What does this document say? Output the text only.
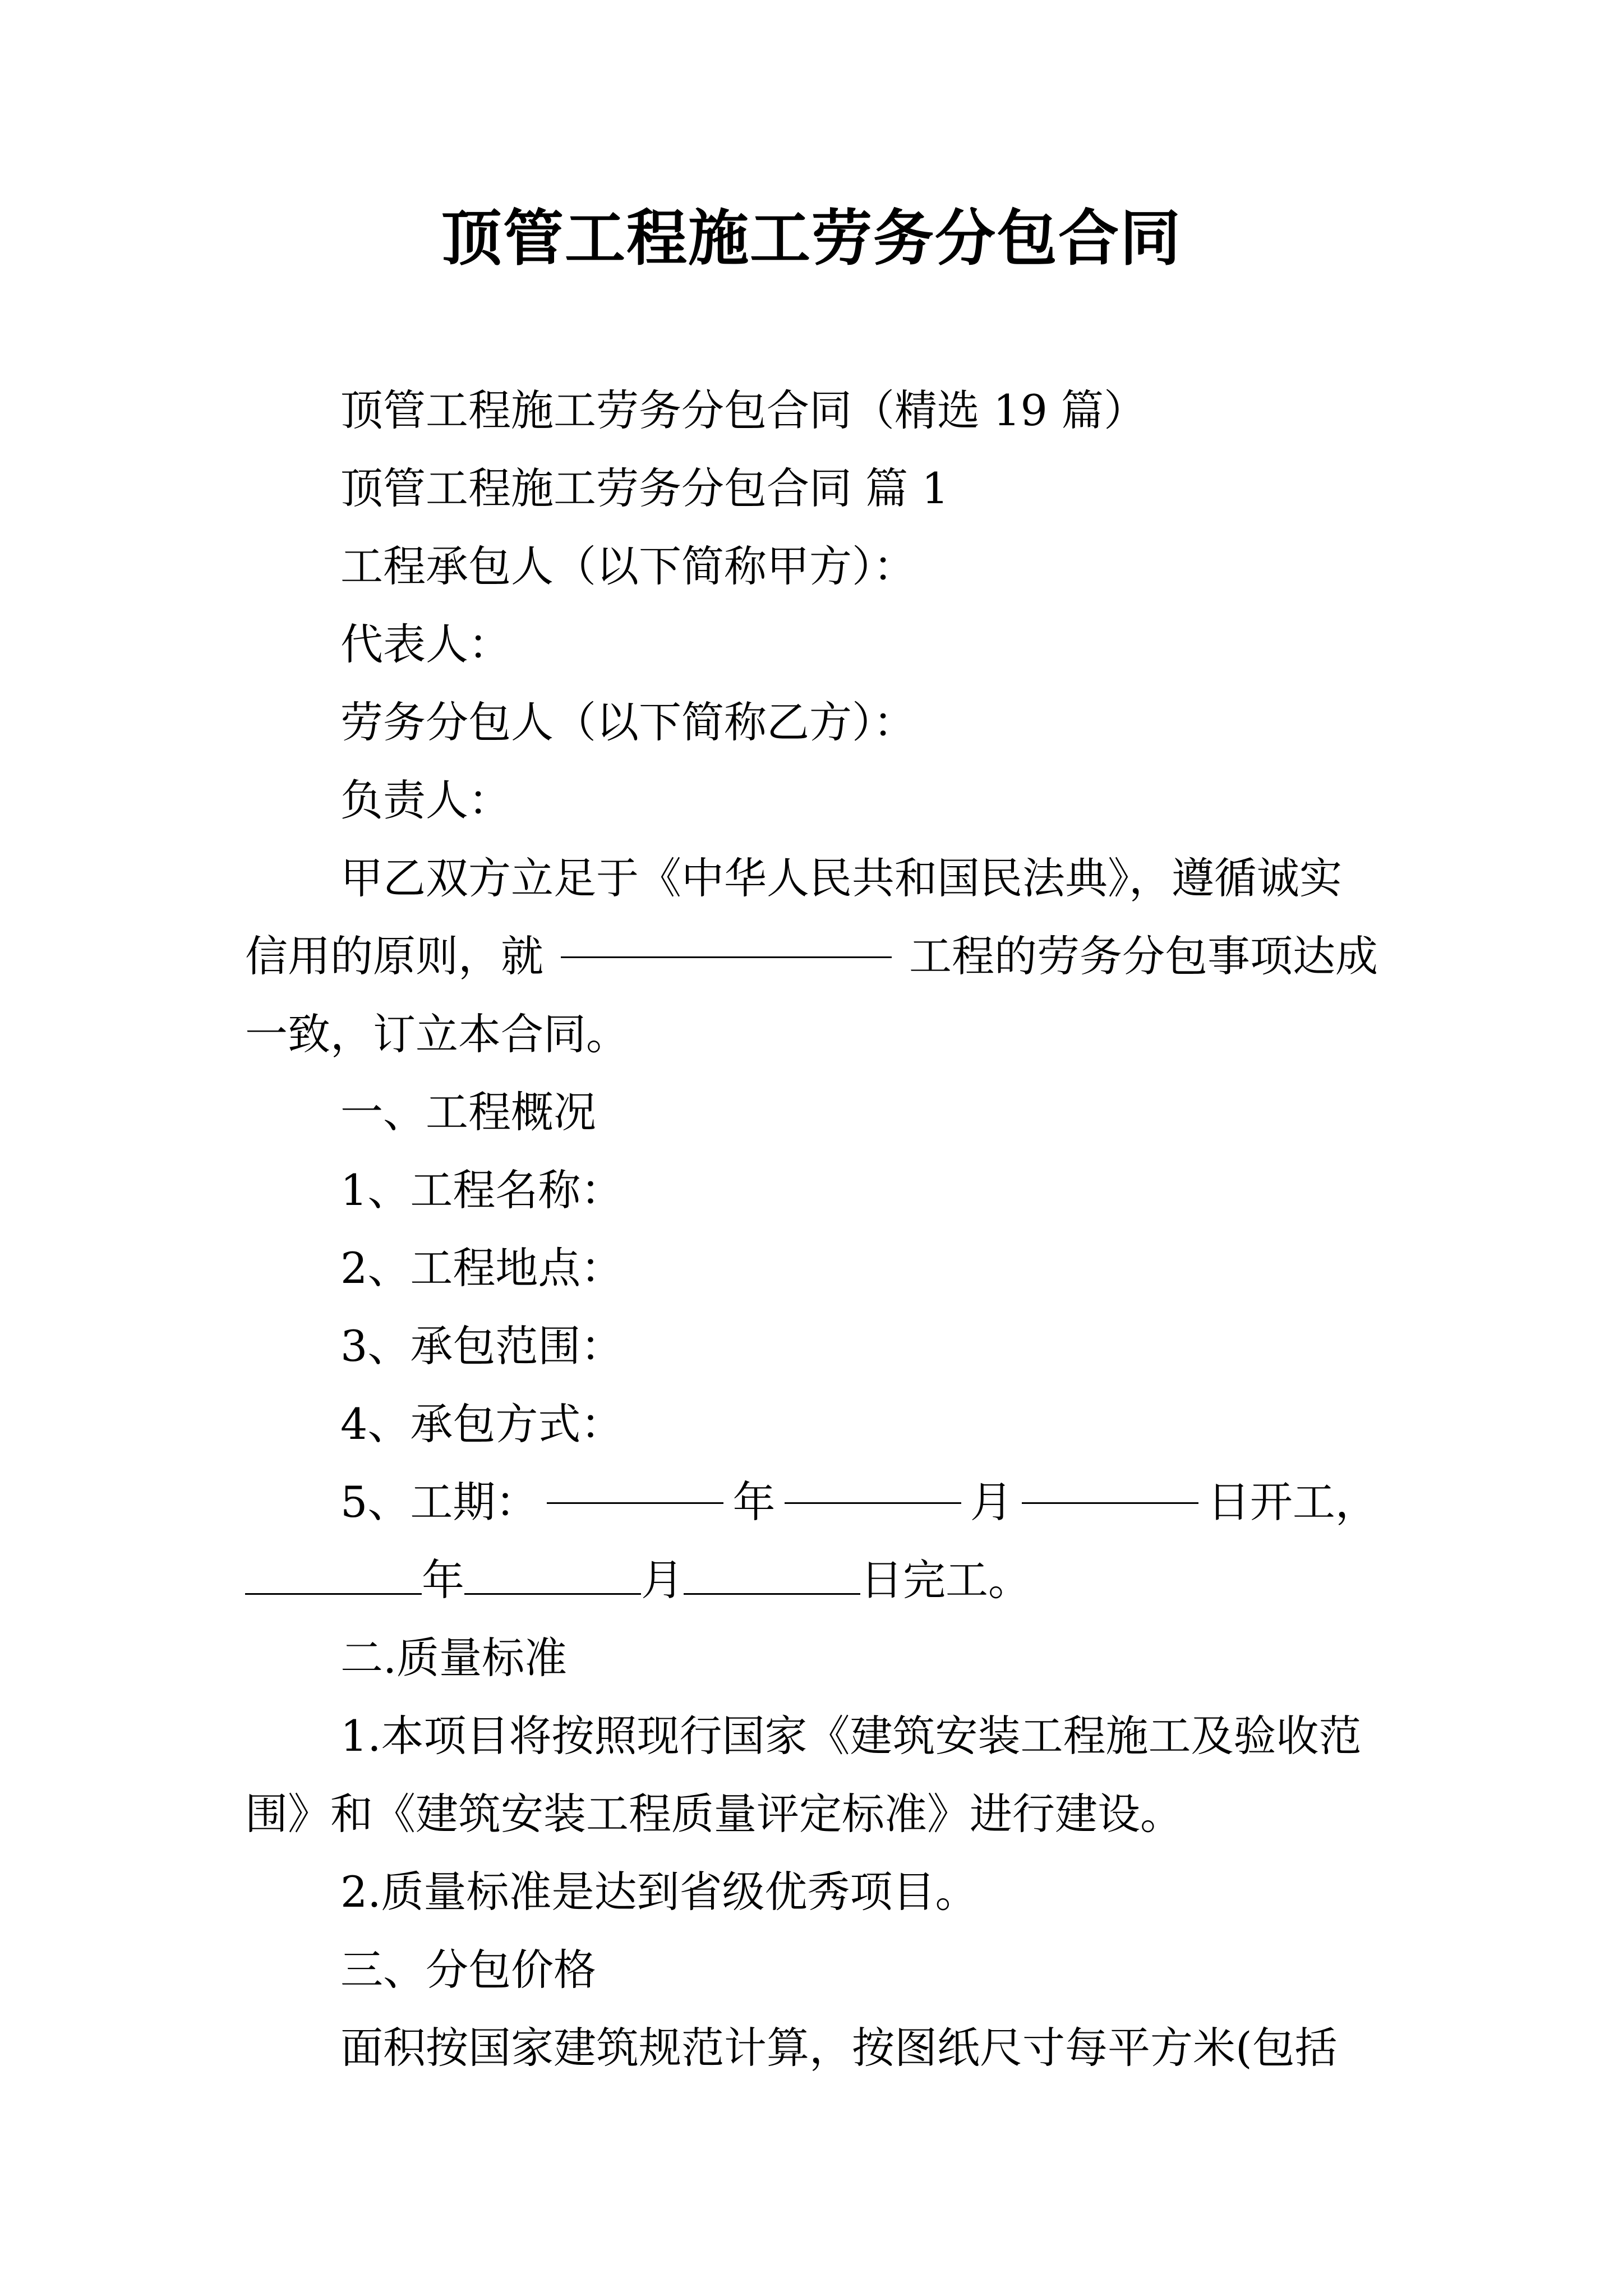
顶管工程施工劳务分包合同

顶管工程施工劳务分包合同（精选 19 篇）

顶管工程施工劳务分包合同 篇 1

工程承包人（以下简称甲方）：

代表人：

劳务分包人（以下简称乙方）：

负责人：

甲乙双方立足于《中华人民共和国民法典》，遵循诚实

信用的原则，就	工程的劳务分包事项达成

一致，订立本合同。

一、工程概况

1、工程名称：

2、工程地点：

3、承包范围：

4、承包方式：

5、工期：	年	月	日开工，
年	月	日完工。

二.质量标准

1.本项目将按照现行国家《建筑安装工程施工及验收范

围》和《建筑安装工程质量评定标准》进行建设。

2.质量标准是达到省级优秀项目。

三、分包价格

面积按国家建筑规范计算，按图纸尺寸每平方米(包括
